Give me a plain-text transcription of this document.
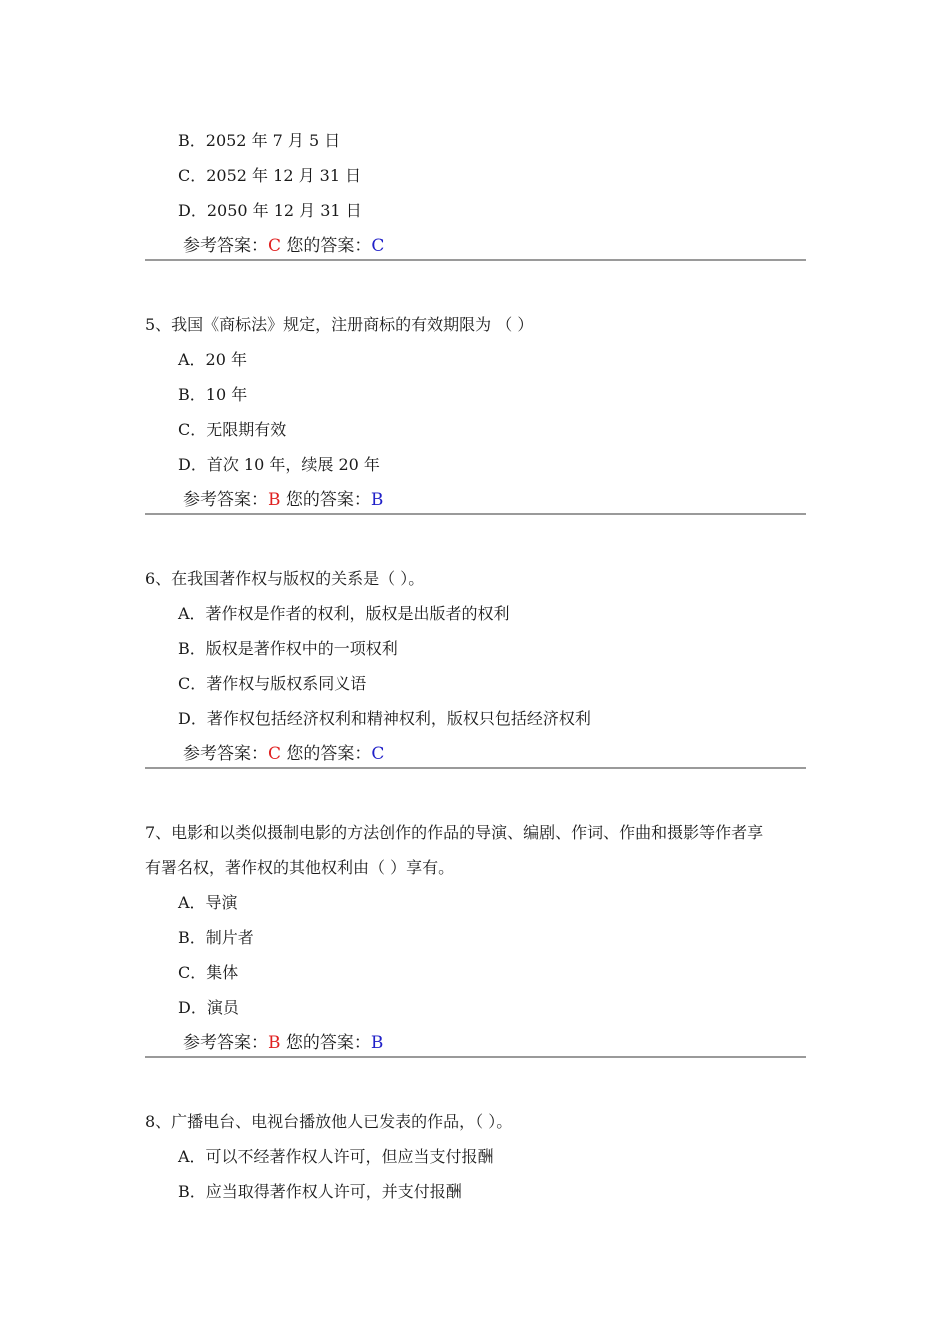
B．2052 年 7 月 5 日
C．2052 年 12 月 31 日
D．2050 年 12 月 31 日
参考答案：C 您的答案：C
5、我国《商标法》规定，注册商标的有效期限为 （ ）
A．20 年
B．10 年
C．无限期有效
D．首次 10 年，续展 20 年
参考答案：B 您的答案：B
6、在我国著作权与版权的关系是（ ）。
A．著作权是作者的权利，版权是出版者的权利
B．版权是著作权中的一项权利
C．著作权与版权系同义语
D．著作权包括经济权利和精神权利，版权只包括经济权利
参考答案：C 您的答案：C
7、电影和以类似摄制电影的方法创作的作品的导演、编剧、作词、作曲和摄影等作者享
有署名权，著作权的其他权利由（ ）享有。
A．导演
B．制片者
C．集体
D．演员
参考答案：B 您的答案：B
8、广播电台、电视台播放他人已发表的作品，（ ）。
A．可以不经著作权人许可，但应当支付报酬
B．应当取得著作权人许可，并支付报酬
